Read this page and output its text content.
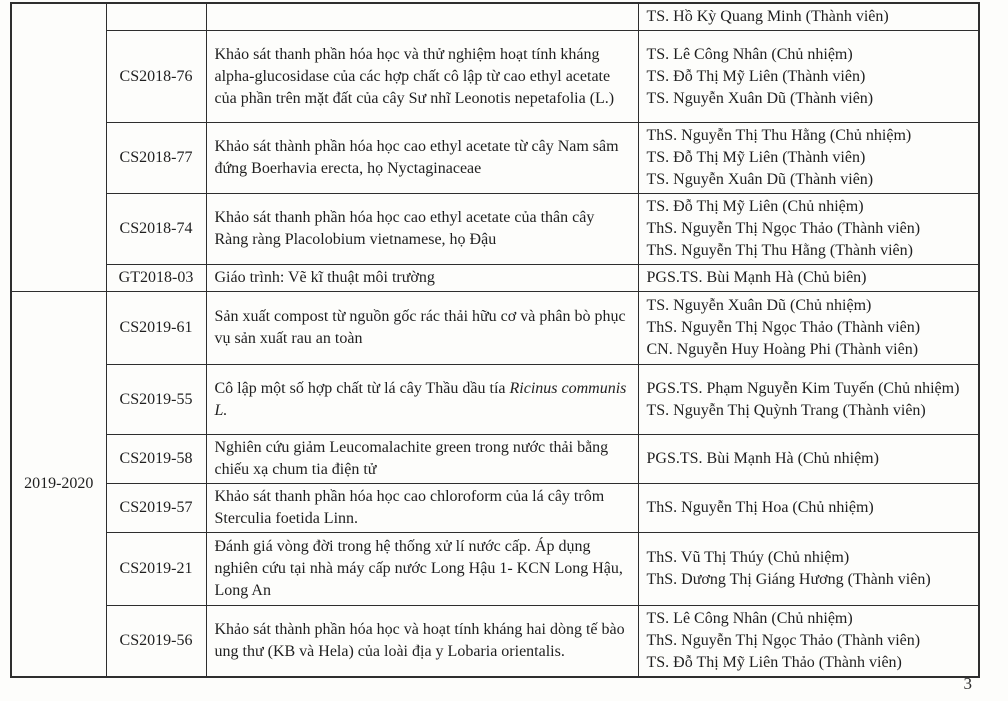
			TS. Hồ Kỳ Quang Minh (Thành viên)

	CS2018-76	Khảo sát thanh phần hóa học và thử nghiệm hoạt tính kháng alpha-glucosidase của các hợp chất cô lập từ cao ethyl acetate của phần trên mặt đất của cây Sư nhĩ Leonotis nepetafolia (L.)	TS. Lê Công Nhân (Chủ nhiệm)
TS. Đỗ Thị Mỹ Liên (Thành viên)
TS. Nguyễn Xuân Dũ (Thành viên)

	CS2018-77	Khảo sát thành phần hóa học cao ethyl acetate từ cây Nam sâm đứng Boerhavia erecta, họ Nyctaginaceae	ThS. Nguyễn Thị Thu Hằng (Chủ nhiệm)
TS. Đỗ Thị Mỹ Liên (Thành viên)
TS. Nguyễn Xuân Dũ (Thành viên)

	CS2018-74	Khảo sát thanh phần hóa học cao ethyl acetate của thân cây Ràng ràng Placolobium vietnamese, họ Đậu	TS. Đỗ Thị Mỹ Liên (Chủ nhiệm)
ThS. Nguyễn Thị Ngọc Thảo (Thành viên)
ThS. Nguyễn Thị Thu Hằng (Thành viên)

	GT2018-03	Giáo trình: Vẽ kĩ thuật môi trường	PGS.TS. Bùi Mạnh Hà (Chủ biên)

2019-2020	CS2019-61	Sản xuất compost từ nguồn gốc rác thải hữu cơ và phân bò phục vụ sản xuất rau an toàn	TS. Nguyễn Xuân Dũ (Chủ nhiệm)
ThS. Nguyễn Thị Ngọc Thảo (Thành viên)
CN. Nguyễn Huy Hoàng Phi (Thành viên)

	CS2019-55	Cô lập một số hợp chất từ lá cây Thầu dầu tía Ricinus communis L.	PGS.TS. Phạm Nguyễn Kim Tuyến (Chủ nhiệm)
TS. Nguyễn Thị Quỳnh Trang (Thành viên)

	CS2019-58	Nghiên cứu giảm Leucomalachite green trong nước thải bằng chiếu xạ chum tia điện tử	PGS.TS. Bùi Mạnh Hà (Chủ nhiệm)

	CS2019-57	Khảo sát thanh phần hóa học cao chloroform của lá cây trôm Sterculia foetida Linn.	ThS. Nguyễn Thị Hoa (Chủ nhiệm)

	CS2019-21	Đánh giá vòng đời trong hệ thống xử lí nước cấp. Áp dụng nghiên cứu tại nhà máy cấp nước Long Hậu 1- KCN Long Hậu, Long An	ThS. Vũ Thị Thúy (Chủ nhiệm)
ThS. Dương Thị Giáng Hương (Thành viên)

	CS2019-56	Khảo sát thành phần hóa học và hoạt tính kháng hai dòng tế bào ung thư (KB và Hela) của loài địa y Lobaria orientalis.	TS. Lê Công Nhân (Chủ nhiệm)
ThS. Nguyễn Thị Ngọc Thảo (Thành viên)
TS. Đỗ Thị Mỹ Liên Thảo (Thành viên)
3
